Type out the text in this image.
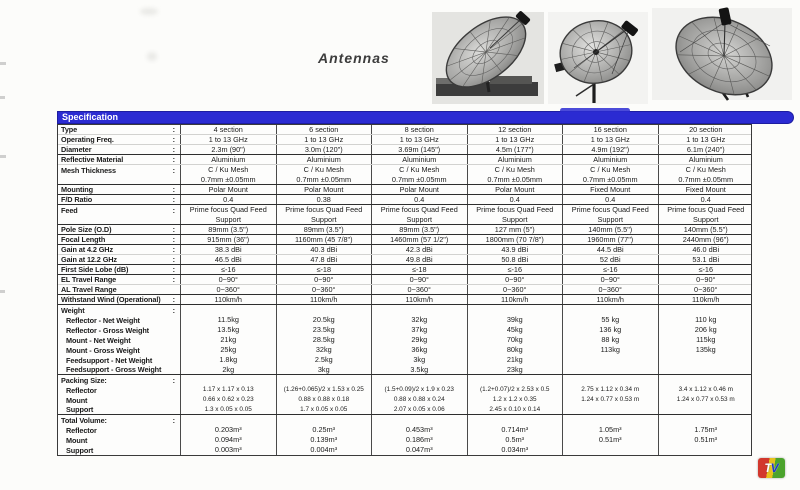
Antennas
Specification
Type	:	4 section	6 section	8 section	12 section	16 section	20 section
Operating Freq.	:	1 to 13 GHz	1 to 13 GHz	1 to 13 GHz	1 to 13 GHz	1 to 13 GHz	1 to 13 GHz
Diameter	:	2.3m (90")	3.0m (120")	3.69m (145")	4.5m (177")	4.9m (192")	6.1m (240")
Reflective Material	:	Aluminium	Aluminium	Aluminium	Aluminium	Aluminium	Aluminium
Mesh Thickness	:	C / Ku Mesh	C / Ku Mesh	C / Ku Mesh	C / Ku Mesh	C / Ku Mesh	C / Ku Mesh
0.7mm ±0.05mm	0.7mm ±0.05mm	0.7mm ±0.05mm	0.7mm ±0.05mm	0.7mm ±0.05mm	0.7mm ±0.05mm
Mounting	:	Polar Mount	Polar Mount	Polar Mount	Polar Mount	Fixed Mount	Fixed Mount
F/D Ratio	:	0.4	0.38	0.4	0.4	0.4	0.4
Feed	:	Prime focus Quad Feed	Prime focus Quad Feed	Prime focus Quad Feed	Prime focus Quad Feed	Prime focus Quad Feed	Prime focus Quad Feed
Support	Support	Support	Support	Support	Support
Pole Size (O.D)	:	89mm (3.5")	89mm (3.5")	89mm (3.5")	127 mm (5")	140mm (5.5")	140mm (5.5")
Focal Length	:	915mm (36")	1160mm (45 7/8")	1460mm (57 1/2")	1800mm (70 7/8")	1960mm (77")	2440mm (96")
Gain at 4.2 GHz	:	38.3 dBi	40.3 dBi	42.3 dBi	43.9 dBi	44.5 dBi	46.0 dBi
Gain at 12.2 GHz	:	46.5 dBi	47.8 dBi	49.8 dBi	50.8 dBi	52 dBi	53.1 dBi
First Side Lobe (dB)	:	≤-16	≤-18	≤-18	≤-16	≤-16	≤-16
EL Travel Range	:	0~90°	0~90°	0~90°	0~90°	0~90°	0~90°
AL Travel Range	0~360°	0~360°	0~360°	0~360°	0~360°	0~360°
Withstand Wind (Operational) :	110km/h	110km/h	110km/h	110km/h	110km/h	110km/h
Weight	:
Reflector - Net Weight	11.5kg	20.5kg	32kg	39kg	55 kg	110 kg
Reflector - Gross Weight	13.5kg	23.5kg	37kg	45kg	136 kg	206 kg
Mount - Net Weight	21kg	28.5kg	29kg	70kg	88 kg	115kg
Mount - Gross Weight	25kg	32kg	36kg	80kg	113kg	135kg
Feedsupport - Net Weight	1.8kg	2.5kg	3kg	21kg
Feedsupport - Gross Weight	2kg	3kg	3.5kg	23kg
Packing Size:	:
Reflector	1.17 x 1.17 x 0.13	(1.26+0.065)/2 x 1.53 x 0.25	(1.5+0.09)/2 x 1.9 x 0.23	(1.2+0.07)/2 x 2.53 x 0.5	2.75 x 1.12 x 0.34 m	3.4 x 1.12 x 0.46 m
Mount	0.66 x 0.62 x 0.23	0.88 x 0.88 x 0.18	0.88 x 0.88 x 0.24	1.2 x 1.2 x 0.35	1.24 x 0.77 x 0.53 m	1.24 x 0.77 x 0.53 m
Support	1.3 x 0.05 x 0.05	1.7 x 0.05 x 0.05	2.07 x 0.05 x 0.06	2.45 x 0.10 x 0.14
Total Volume:	:
Reflector	0.203m³	0.25m³	0.453m³	0.714m³	1.05m³	1.75m³
Mount	0.094m³	0.139m³	0.186m³	0.5m³	0.51m³	0.51m³
Support	0.003m³	0.004m³	0.047m³	0.034m³
TV
